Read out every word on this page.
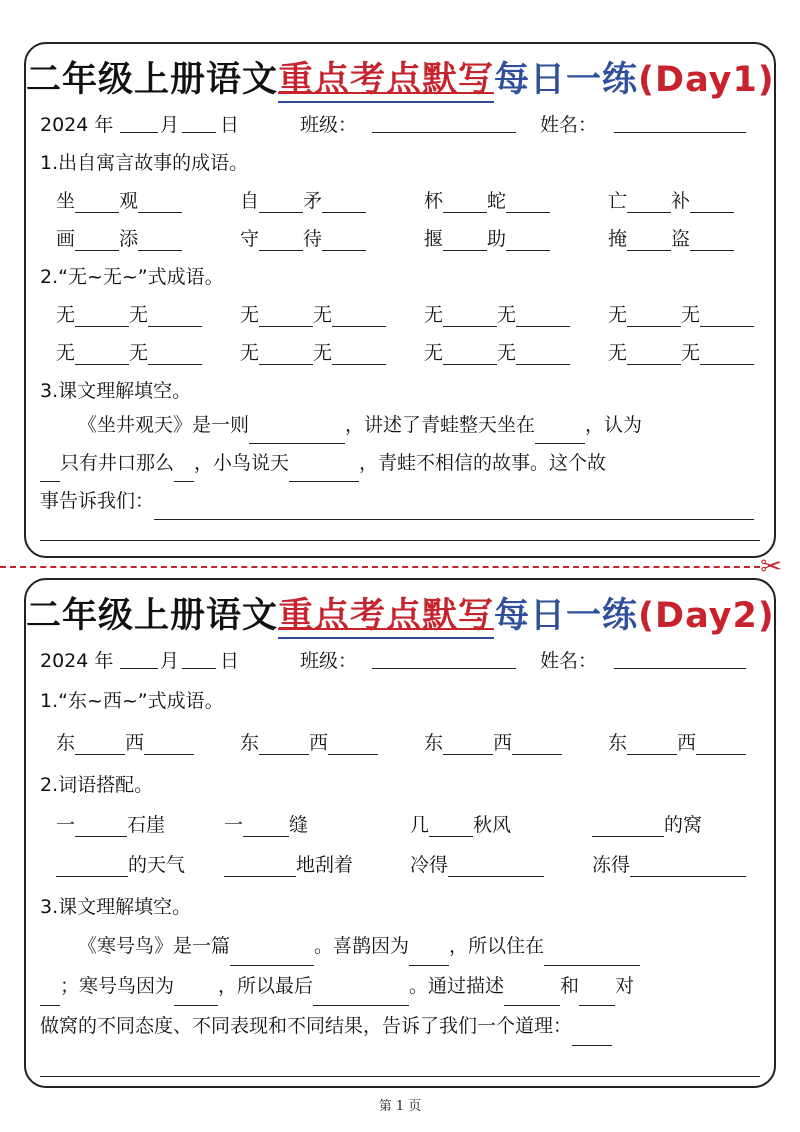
二年级上册语文重点考点默写每日一练(Day1)
2024 年 月 日	班级：	姓名：
1.出自寓言故事的成语。
坐 观	自 矛	杯 蛇	亡 补
画 添	守 待	揠 助	掩 盗
2.“无~无~”式成语。
无	无	无	无	无	无	无	无
无	无	无	无	无	无	无	无
3.课文理解填空。
《坐井观天》是一则	，讲述了青蛙整天坐在	，认为
只有井口那么 ，小鸟说天	，青蛙不相信的故事。这个故
事告诉我们：
✂
二年级上册语文重点考点默写每日一练(Day2)
2024 年 月 日	班级：	姓名：
1.“东~西~”式成语。
东	西	东	西	东	西	东	西
2.词语搭配。
一	石崖	一 缝	几 秋风	的窝
的天气	地刮着	冷得	冻得
3.课文理解填空。
《寒号鸟》是一篇	。喜鹊因为 ，所以住在
；寒号鸟因为 ，所以最后	。通过描述	和 对
做窝的不同态度、不同表现和不同结果，告诉了我们一个道理：
第 1 页
